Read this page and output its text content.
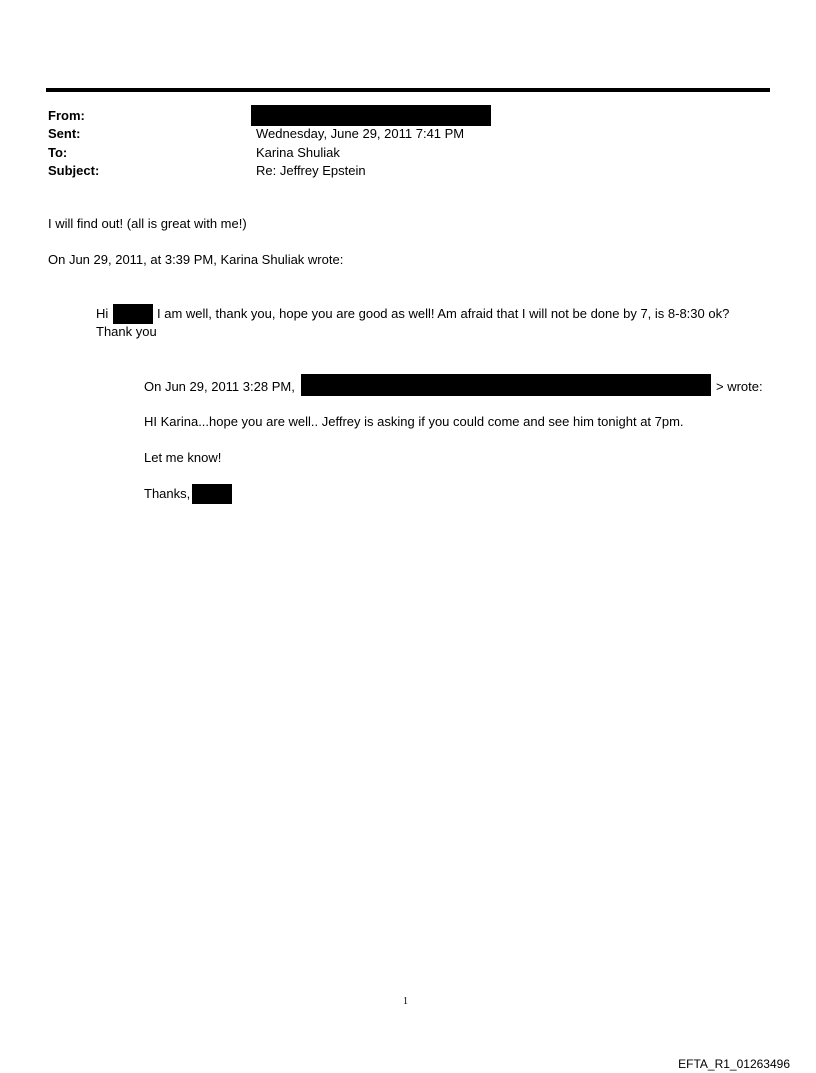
From:
Sent:	Wednesday, June 29, 2011 7:41 PM
To:	Karina Shuliak
Subject:	Re: Jeffrey Epstein
I will find out! (all is great with me!)
On Jun 29, 2011, at 3:39 PM, Karina Shuliak wrote:
Hi	I am well, thank you, hope you are good as well! Am afraid that I will not be done by 7, is 8-8:30 ok?
Thank you
On Jun 29, 2011 3:28 PM,	> wrote:
HI Karina...hope you are well.. Jeffrey is asking if you could come and see him tonight at 7pm.
Let me know!
Thanks,
1
EFTA_R1_01263496
